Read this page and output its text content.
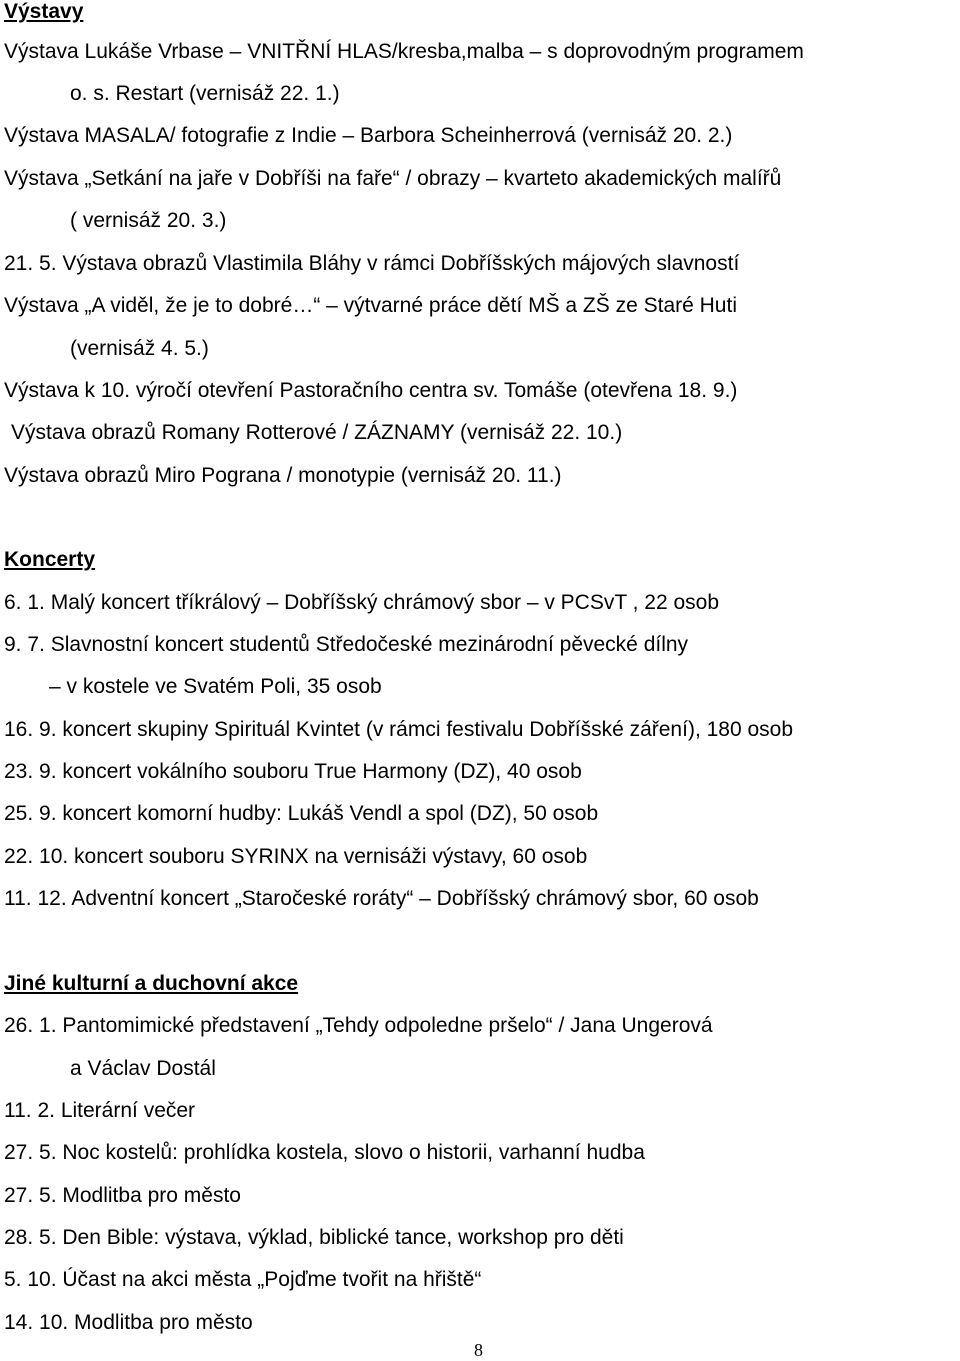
Výstavy
Výstava Lukáše Vrbase – VNITŘNÍ HLAS/kresba,malba – s doprovodným programem
o. s. Restart (vernisáž 22. 1.)
Výstava MASALA/ fotografie z Indie – Barbora Scheinherrová (vernisáž 20. 2.)
Výstava „Setkání na jaře v Dobříši na faře“ / obrazy – kvarteto akademických malířů
( vernisáž 20. 3.)
21. 5. Výstava obrazů Vlastimila Bláhy v rámci Dobříšských májových slavností
Výstava „A viděl, že je to dobré…“ – výtvarné práce dětí MŠ a ZŠ ze Staré Huti
(vernisáž 4. 5.)
Výstava k 10. výročí otevření Pastoračního centra sv. Tomáše (otevřena 18. 9.)
Výstava obrazů Romany Rotterové / ZÁZNAMY (vernisáž 22. 10.)
Výstava obrazů Miro Pograna / monotypie (vernisáž 20. 11.)
Koncerty
6. 1. Malý koncert tříkrálový – Dobříšský chrámový sbor – v PCSvT , 22 osob
9. 7. Slavnostní koncert studentů Středočeské mezinárodní pěvecké dílny
– v kostele ve Svatém Poli, 35 osob
16. 9. koncert skupiny Spirituál Kvintet (v rámci festivalu Dobříšské záření), 180 osob
23. 9. koncert vokálního souboru True Harmony (DZ), 40 osob
25. 9. koncert komorní hudby: Lukáš Vendl a spol (DZ), 50 osob
22. 10. koncert souboru SYRINX na vernisáži výstavy, 60 osob
11. 12. Adventní koncert „Staročeské roráty“ – Dobříšský chrámový sbor, 60 osob
Jiné kulturní a duchovní akce
26. 1. Pantomimické představení „Tehdy odpoledne pršelo“ / Jana Ungerová
a Václav Dostál
11. 2. Literární večer
27. 5. Noc kostelů: prohlídka kostela, slovo o historii, varhanní hudba
27. 5. Modlitba pro město
28. 5. Den Bible: výstava, výklad, biblické tance, workshop pro děti
5. 10. Účast na akci města „Pojďme tvořit na hřiště“
14. 10. Modlitba pro město
8
